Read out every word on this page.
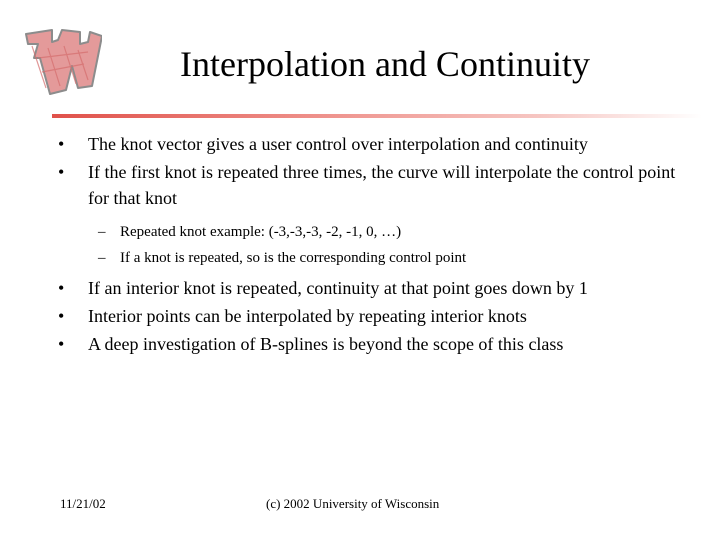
Interpolation and Continuity
•	The knot vector gives a user control over interpolation and continuity
•	If the first knot is repeated three times, the curve will interpolate the control point for that knot
– Repeated knot example: (-3,-3,-3, -2, -1, 0, …)
– If a knot is repeated, so is the corresponding control point
•	If an interior knot is repeated, continuity at that point goes down by 1
•	Interior points can be interpolated by repeating interior knots
•	A deep investigation of B-splines is beyond the scope of this class
11/21/02	(c) 2002 University of Wisconsin
